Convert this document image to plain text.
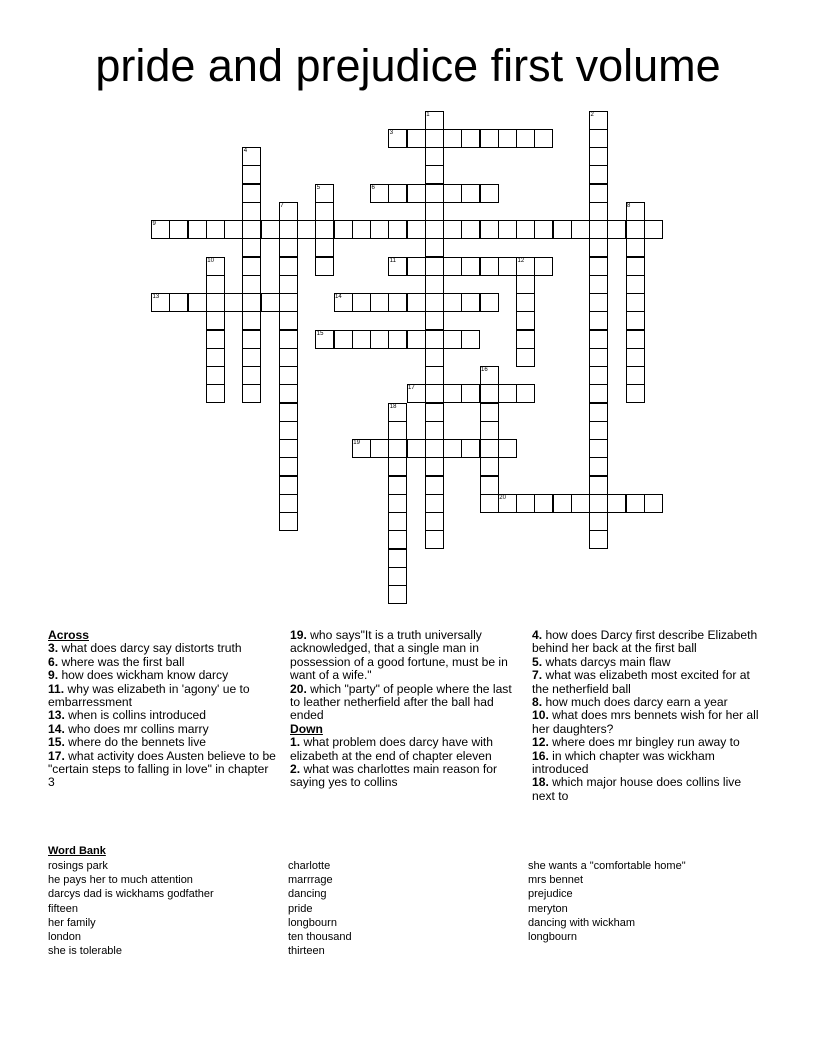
pride and prejudice first volume
1	2
3
4
5	6
7	8
9
10	11	12
13	14
15
16
17
18
19
20
Across
3. what does darcy say distorts truth
6. where was the first ball
9. how does wickham know darcy
11. why was elizabeth in 'agony' ue to embarressment
13. when is collins introduced
14. who does mr collins marry
15. where do the bennets live
17. what activity does Austen believe to be "certain steps to falling in love" in chapter 3
19. who says"It is a truth universally acknowledged, that a single man in possession of a good fortune, must be in want of a wife."
20. which "party" of people where the last to leather netherfield after the ball had ended
Down
1. what problem does darcy have with elizabeth at the end of chapter eleven
2. what was charlottes main reason for saying yes to collins
4. how does Darcy first describe Elizabeth behind her back at the first ball
5. whats darcys main flaw
7. what was elizabeth most excited for at the netherfield ball
8. how much does darcy earn a year
10. what does mrs bennets wish for her all her daughters?
12. where does mr bingley run away to
16. in which chapter was wickham introduced
18. which major house does collins live next to
Word Bank
rosings park
he pays her to much attention
darcys dad is wickhams godfather
fifteen
her family
london
she is tolerable
charlotte
marrrage
dancing
pride
longbourn
ten thousand
thirteen
she wants a "comfortable home"
mrs bennet
prejudice
meryton
dancing with wickham
longbourn
